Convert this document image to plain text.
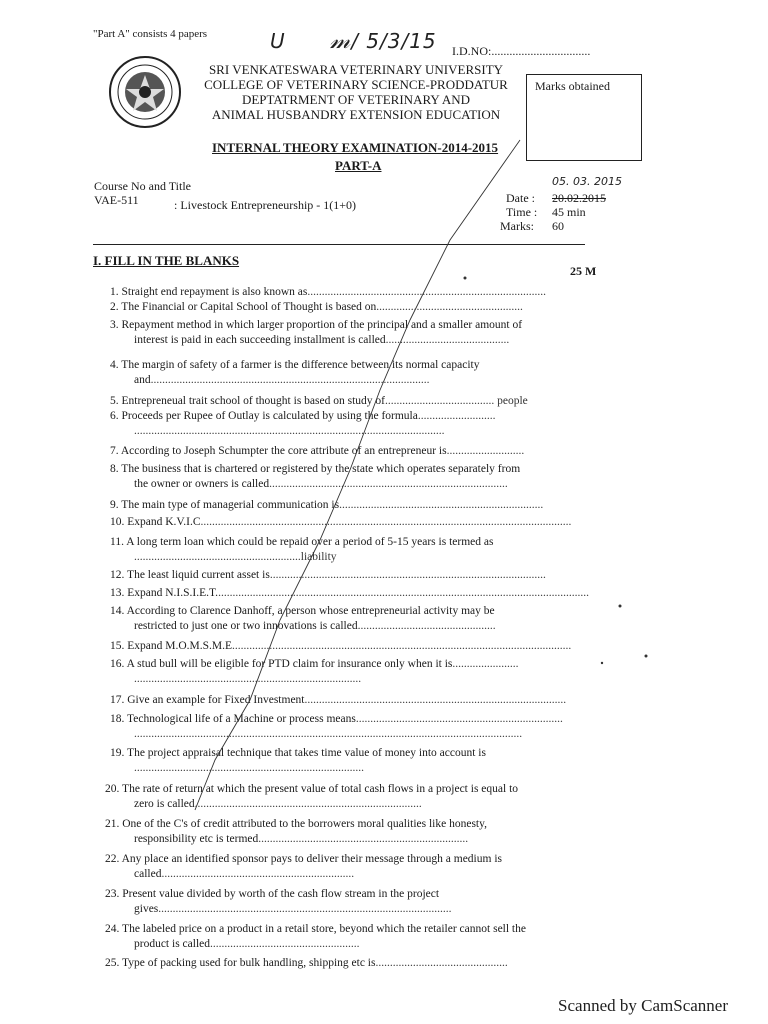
"Part A" consists 4 papers	U      𝓂/ 5/3/15 I.D.NO:.................................
SRI VENKATESWARA VETERINARY UNIVERSITY
COLLEGE OF VETERINARY SCIENCE-PRODDATUR
DEPTATRMENT OF VETERINARY AND
ANIMAL HUSBANDRY EXTENSION EDUCATION
Marks obtained
INTERNAL THEORY EXAMINATION-2014-2015
PART-A
Course No and Title
VAE-511	: Livestock Entrepreneurship - 1(1+0)
05. 03. 2015
Date : 20.02.2015
Time : 45 min
Marks: 60
I. FILL IN THE BLANKS
25 M
1. Straight end repayment is also known as...................................................................................
2. The Financial or Capital School of Thought is based on...................................................
3. Repayment method in which larger proportion of the principal and a smaller amount of
interest is paid in each succeeding installment is called...........................................
4. The margin of safety of a farmer is the difference between its normal capacity
and.................................................................................................
5. Entrepreneual trait school of thought is based on study of...................................... people
6. Proceeds per Rupee of Outlay is calculated by using the formula...........................
............................................................................................................
7. According to Joseph Schumpter the core attribute of an entrepreneur is...........................
8. The business that is chartered or registered by the state which operates separately from
the owner or owners is called...................................................................................
9. The main type of managerial communication is.......................................................................
10. Expand K.V.I.C.................................................................................................................................
11. A long term loan which could be repaid over a period of 5-15 years is termed as
..........................................................liability
12. The least liquid current asset is................................................................................................
13. Expand N.I.S.I.E.T..................................................................................................................................
14. According to Clarence Danhoff, a person whose entrepreneurial activity may be
restricted to just one or two innovations is called................................................
15. Expand M.O.M.S.M.E......................................................................................................................
16. A stud bull will be eligible for PTD claim for insurance only when it is.......................
...............................................................................
17. Give an example for Fixed Investment...........................................................................................
18. Technological life of a Machine or process means........................................................................
.......................................................................................................................................
19. The project appraisal technique that takes time value of money into account is
................................................................................
20. The rate of return at which the present value of total cash flows in a project is equal to
zero is called...............................................................................
21. One of the C's of credit attributed to the borrowers moral qualities like honesty,
responsibility etc is termed.........................................................................
22. Any place an identified sponsor pays to deliver their message through a medium is
called...................................................................
23. Present value divided by worth of the cash flow stream in the project
gives......................................................................................................
24. The labeled price on a product in a retail store, beyond which the retailer cannot sell the
product is called....................................................
25. Type of packing used for bulk handling, shipping etc is..............................................
Scanned by CamScanner
